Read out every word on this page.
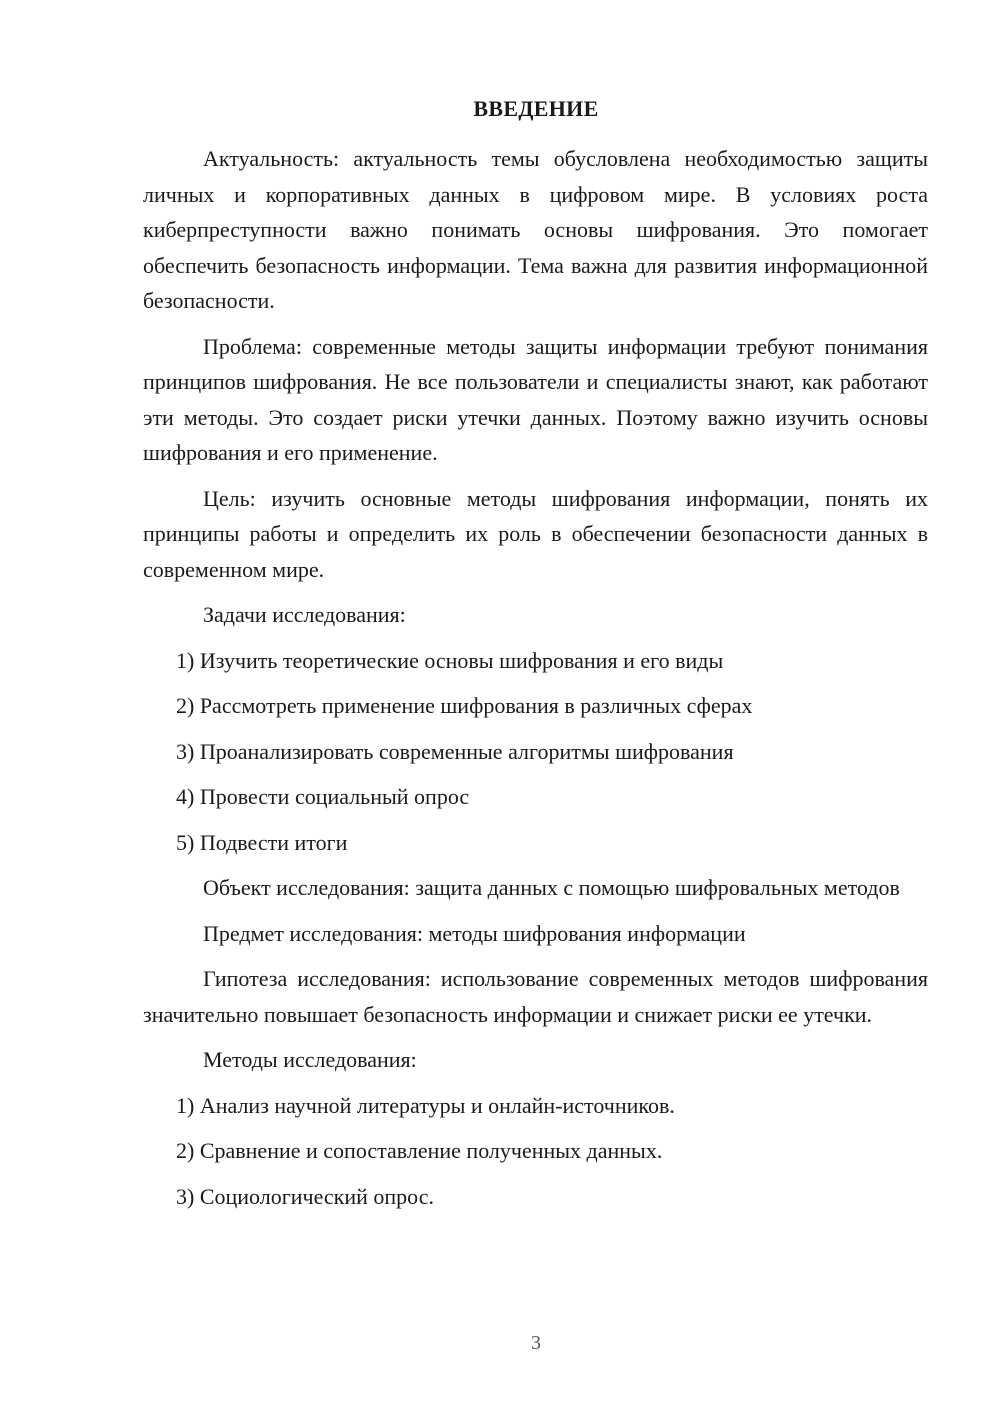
ВВЕДЕНИЕ

Актуальность: актуальность темы обусловлена необходимостью защиты личных и корпоративных данных в цифровом мире. В условиях роста киберпреступности важно понимать основы шифрования. Это помогает обеспечить безопасность информации. Тема важна для развития информационной безопасности.

Проблема: современные методы защиты информации требуют понимания принципов шифрования. Не все пользователи и специалисты знают, как работают эти методы. Это создает риски утечки данных. Поэтому важно изучить основы шифрования и его применение.

Цель: изучить основные методы шифрования информации, понять их принципы работы и определить их роль в обеспечении безопасности данных в современном мире.

Задачи исследования:

1) Изучить теоретические основы шифрования и его виды

2) Рассмотреть применение шифрования в различных сферах

3) Проанализировать современные алгоритмы шифрования

4) Провести социальный опрос

5) Подвести итоги

Объект исследования: защита данных с помощью шифровальных методов

Предмет исследования: методы шифрования информации

Гипотеза исследования: использование современных методов шифрования значительно повышает безопасность информации и снижает риски ее утечки.

Методы исследования:

1) Анализ научной литературы и онлайн-источников.

2) Сравнение и сопоставление полученных данных.

3) Социологический опрос.

3
